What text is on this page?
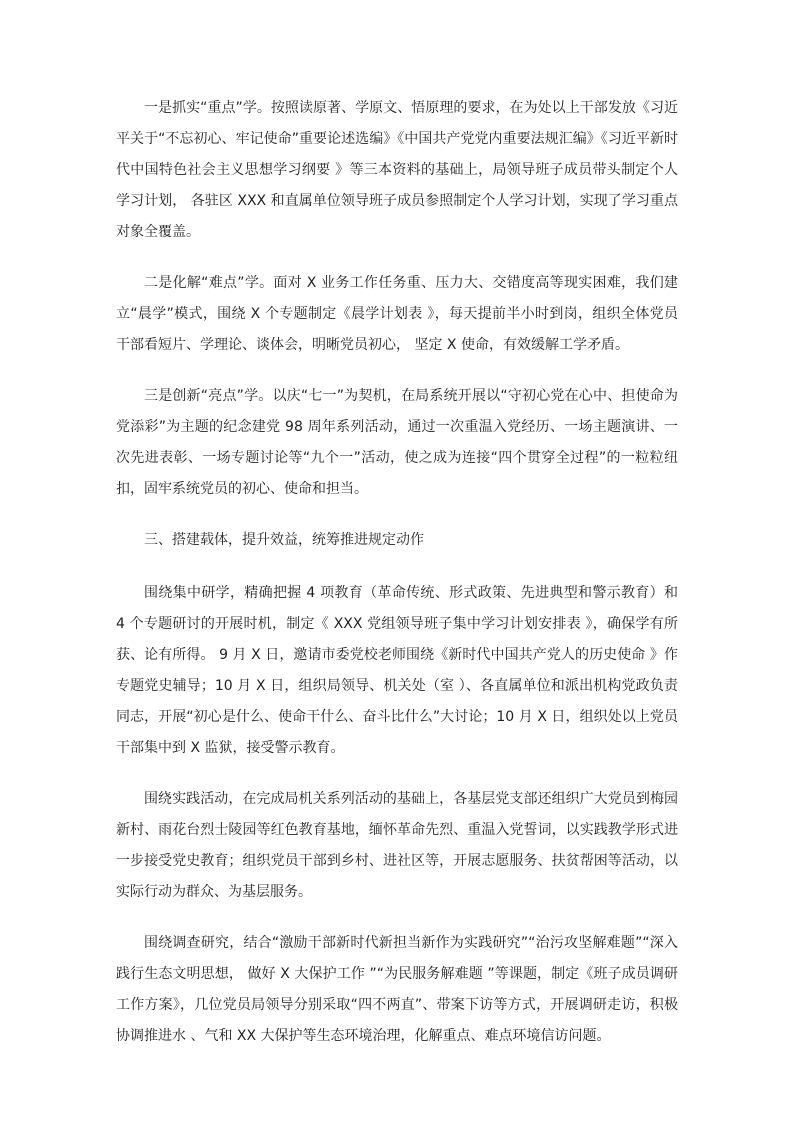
一是抓实“重点”学。按照读原著、学原文、悟原理的要求，在为处以上干部发放《习近平关于“不忘初心、牢记使命”重要论述选编》《中国共产党党内重要法规汇编》《习近平新时代中国特色社会主义思想学习纲要 》等三本资料的基础上，局领导班子成员带头制定个人学习计划， 各驻区 XXX 和直属单位领导班子成员参照制定个人学习计划，实现了学习重点对象全覆盖。

二是化解“难点”学。面对 X 业务工作任务重、压力大、交错度高等现实困难，我们建立“晨学”模式，围绕 X 个专题制定《晨学计划表 》，每天提前半小时到岗，组织全体党员干部看短片、学理论、谈体会，明晰党员初心， 坚定 X 使命，有效缓解工学矛盾。

三是创新“亮点”学。以庆“七一”为契机，在局系统开展以“守初心党在心中、担使命为党添彩”为主题的纪念建党 98 周年系列活动，通过一次重温入党经历、一场主题演讲、一次先进表彰、一场专题讨论等“九个一”活动，使之成为连接“四个贯穿全过程”的一粒粒纽扣，固牢系统党员的初心、使命和担当。

三、搭建载体，提升效益，统筹推进规定动作

围绕集中研学，精确把握 4 项教育（革命传统、形式政策、先进典型和警示教育）和 4 个专题研讨的开展时机，制定《 XXX 党组领导班子集中学习计划安排表 》，确保学有所获、论有所得。 9 月 X 日，邀请市委党校老师围绕《新时代中国共产党人的历史使命 》作专题党史辅导；10 月 X 日，组织局领导、机关处（室 ）、各直属单位和派出机构党政负责同志，开展“初心是什么、使命干什么、奋斗比什么”大讨论；10 月 X 日，组织处以上党员干部集中到 X 监狱，接受警示教育。

围绕实践活动，在完成局机关系列活动的基础上，各基层党支部还组织广大党员到梅园新村、雨花台烈士陵园等红色教育基地，缅怀革命先烈、重温入党誓词，以实践教学形式进一步接受党史教育；组织党员干部到乡村、进社区等，开展志愿服务、扶贫帮困等活动，以实际行动为群众、为基层服务。

围绕调查研究，结合“激励干部新时代新担当新作为实践研究”“治污攻坚解难题”“深入践行生态文明思想， 做好 X 大保护工作 ”“为民服务解难题 ”等课题，制定《班子成员调研工作方案》，几位党员局领导分别采取“四不两直”、带案下访等方式，开展调研走访，积极协调推进水 、气和 XX 大保护等生态环境治理，化解重点、难点环境信访问题。
